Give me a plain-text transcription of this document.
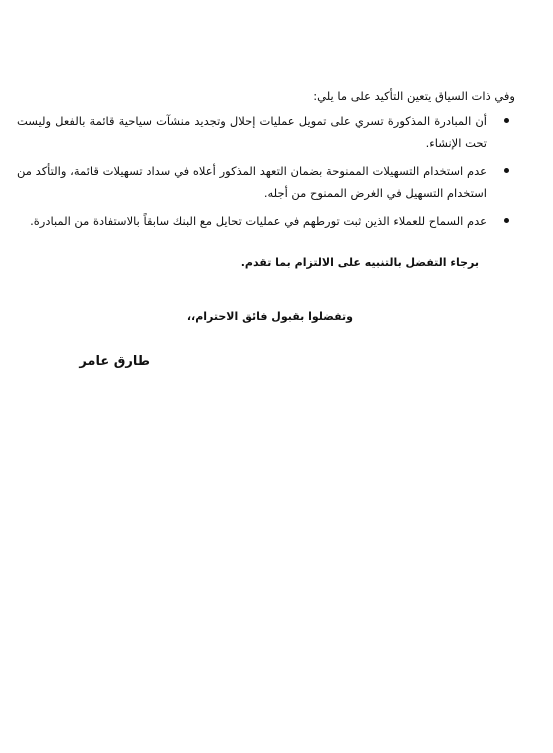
وفي ذات السياق يتعين التأكيد على ما يلي:
أن المبادرة المذكورة تسري على تمويل عمليات إحلال وتجديد منشآت سياحية قائمة بالفعل وليست تحت الإنشاء.
عدم استخدام التسهيلات الممنوحة بضمان التعهد المذكور أعلاه في سداد تسهيلات قائمة، والتأكد من استخدام التسهيل في الغرض الممنوح من أجله.
عدم السماح للعملاء الذين ثبت تورطهم في عمليات تحايل مع البنك سابقاً بالاستفادة من المبادرة.
برجاء التفضل بالتنبيه على الالتزام بما تقدم.
وتفضلوا بقبول فائق الاحترام،،
طارق عامر
